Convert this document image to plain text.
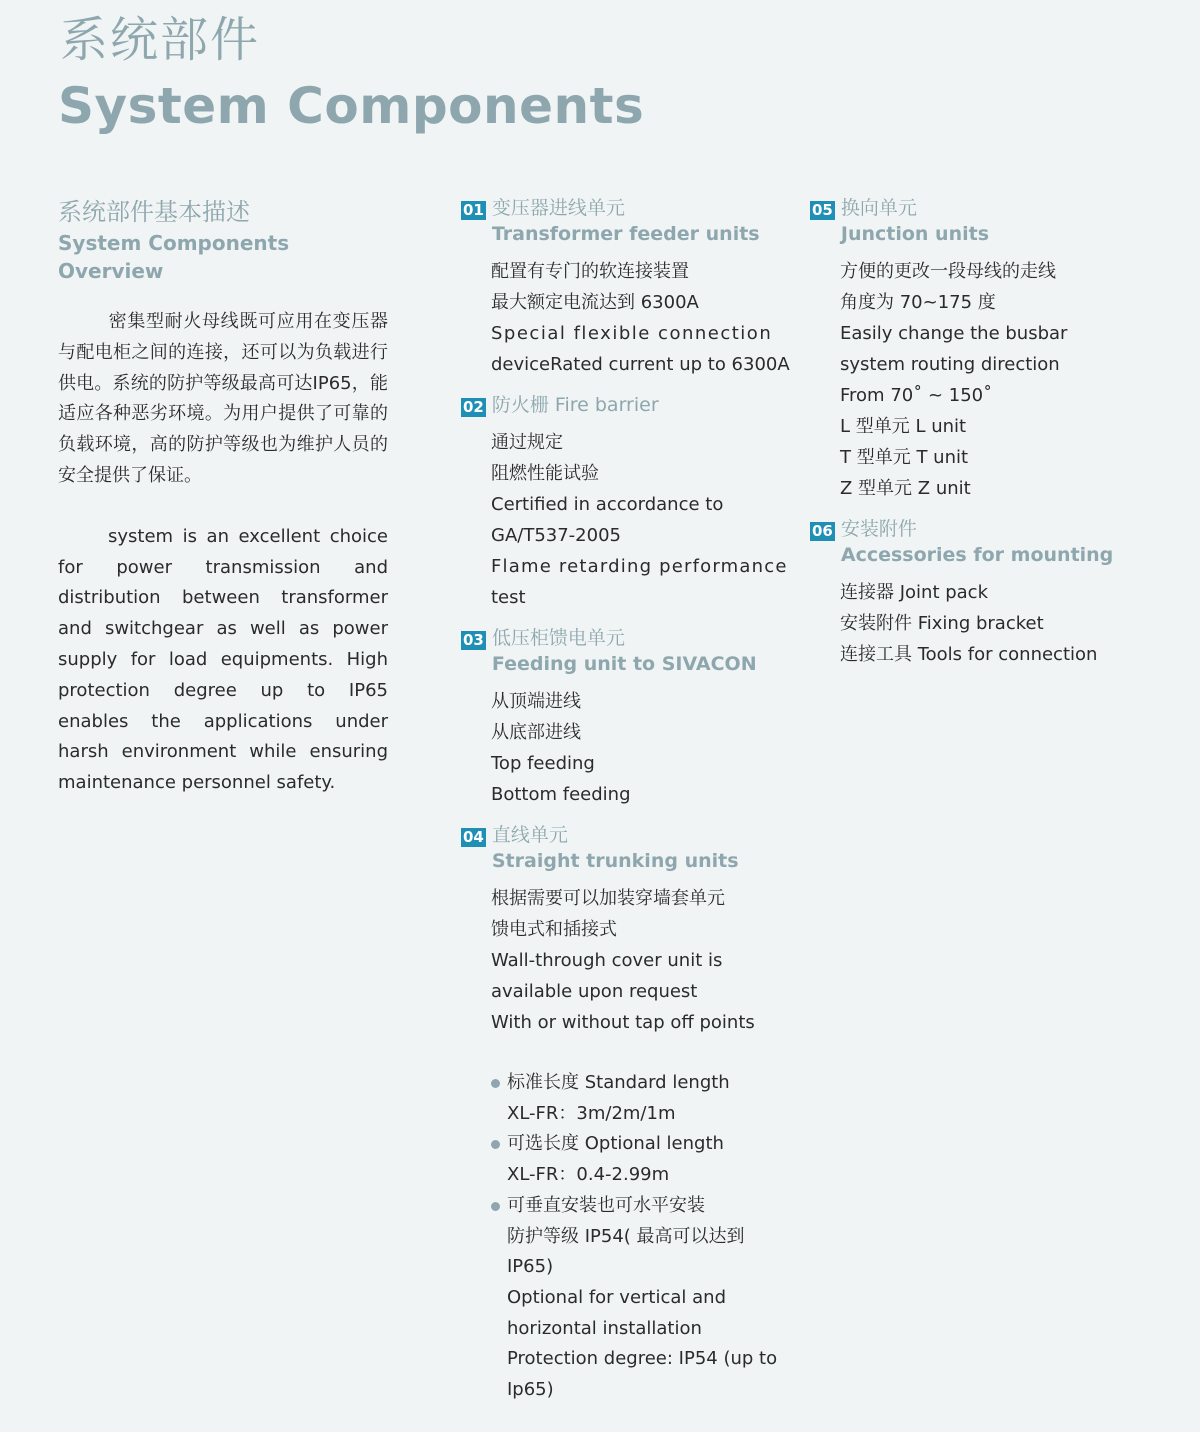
系统部件
System Components
系统部件基本描述
System Components Overview
密集型耐火母线既可应用在变压器与配电柜之间的连接，还可以为负载进行供电。系统的防护等级最高可达IP65，能适应各种恶劣环境。为用户提供了可靠的负载环境，高的防护等级也为维护人员的安全提供了保证。
system is an excellent choice for power transmission and distribution between transformer and switchgear as well as power supply for load equipments. High protection degree up to IP65 enables the applications under harsh environment while ensuring maintenance personnel safety.
01 变压器进线单元
Transformer feeder units
配置有专门的软连接装置
最大额定电流达到 6300A
Special flexible connection
deviceRated current up to 6300A
02 防火栅 Fire barrier
通过规定
阻燃性能试验
Certified in accordance to
GA/T537-2005
Flame retarding performance
test
03 低压柜馈电单元
Feeding unit to SIVACON
从顶端进线
从底部进线
Top feeding
Bottom feeding
04 直线单元
Straight trunking units
根据需要可以加装穿墙套单元
馈电式和插接式
Wall-through cover unit is
available upon request
With or without tap off points
标准长度 Standard length
XL-FR：3m/2m/1m
可选长度 Optional length
XL-FR：0.4-2.99m
可垂直安装也可水平安装
防护等级 IP54( 最高可以达到
IP65)
Optional for vertical and
horizontal installation
Protection degree: IP54 (up to
Ip65)
05 换向单元
Junction units
方便的更改一段母线的走线
角度为 70~175 度
Easily change the busbar
system routing direction
From 70˚ ~ 150˚
L 型单元 L unit
T 型单元 T unit
Z 型单元 Z unit
06 安装附件
Accessories for mounting
连接器 Joint pack
安装附件 Fixing bracket
连接工具 Tools for connection
